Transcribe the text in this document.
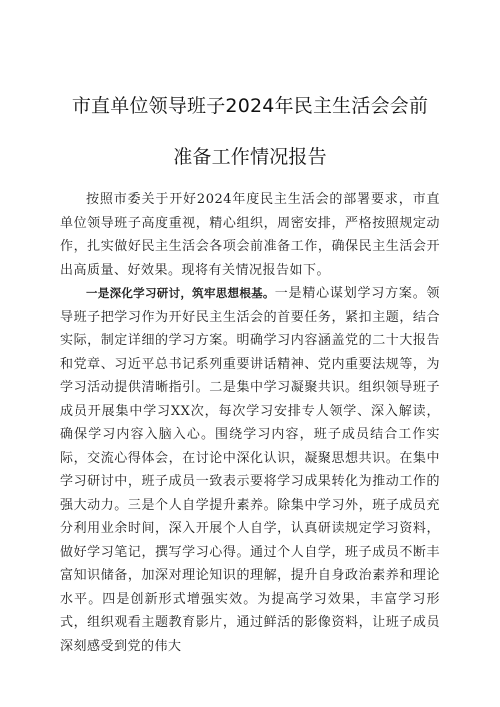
市直单位领导班子2024年民主生活会会前
准备工作情况报告

按照市委关于开好2024年度民主生活会的部署要求，市直单位领导班子高度重视，精心组织，周密安排，严格按照规定动作，扎实做好民主生活会各项会前准备工作，确保民主生活会开出高质量、好效果。现将有关情况报告如下。

一是深化学习研讨，筑牢思想根基。一是精心谋划学习方案。领导班子把学习作为开好民主生活会的首要任务，紧扣主题，结合实际，制定详细的学习方案。明确学习内容涵盖党的二十大报告和党章、习近平总书记系列重要讲话精神、党内重要法规等，为学习活动提供清晰指引。二是集中学习凝聚共识。组织领导班子成员开展集中学习XX次，每次学习安排专人领学、深入解读，确保学习内容入脑入心。围绕学习内容，班子成员结合工作实际，交流心得体会，在讨论中深化认识，凝聚思想共识。在集中学习研讨中，班子成员一致表示要将学习成果转化为推动工作的强大动力。三是个人自学提升素养。除集中学习外，班子成员充分利用业余时间，深入开展个人自学，认真研读规定学习资料，做好学习笔记，撰写学习心得。通过个人自学，班子成员不断丰富知识储备，加深对理论知识的理解，提升自身政治素养和理论水平。四是创新形式增强实效。为提高学习效果，丰富学习形式，组织观看主题教育影片，通过鲜活的影像资料，让班子成员深刻感受到党的伟大
